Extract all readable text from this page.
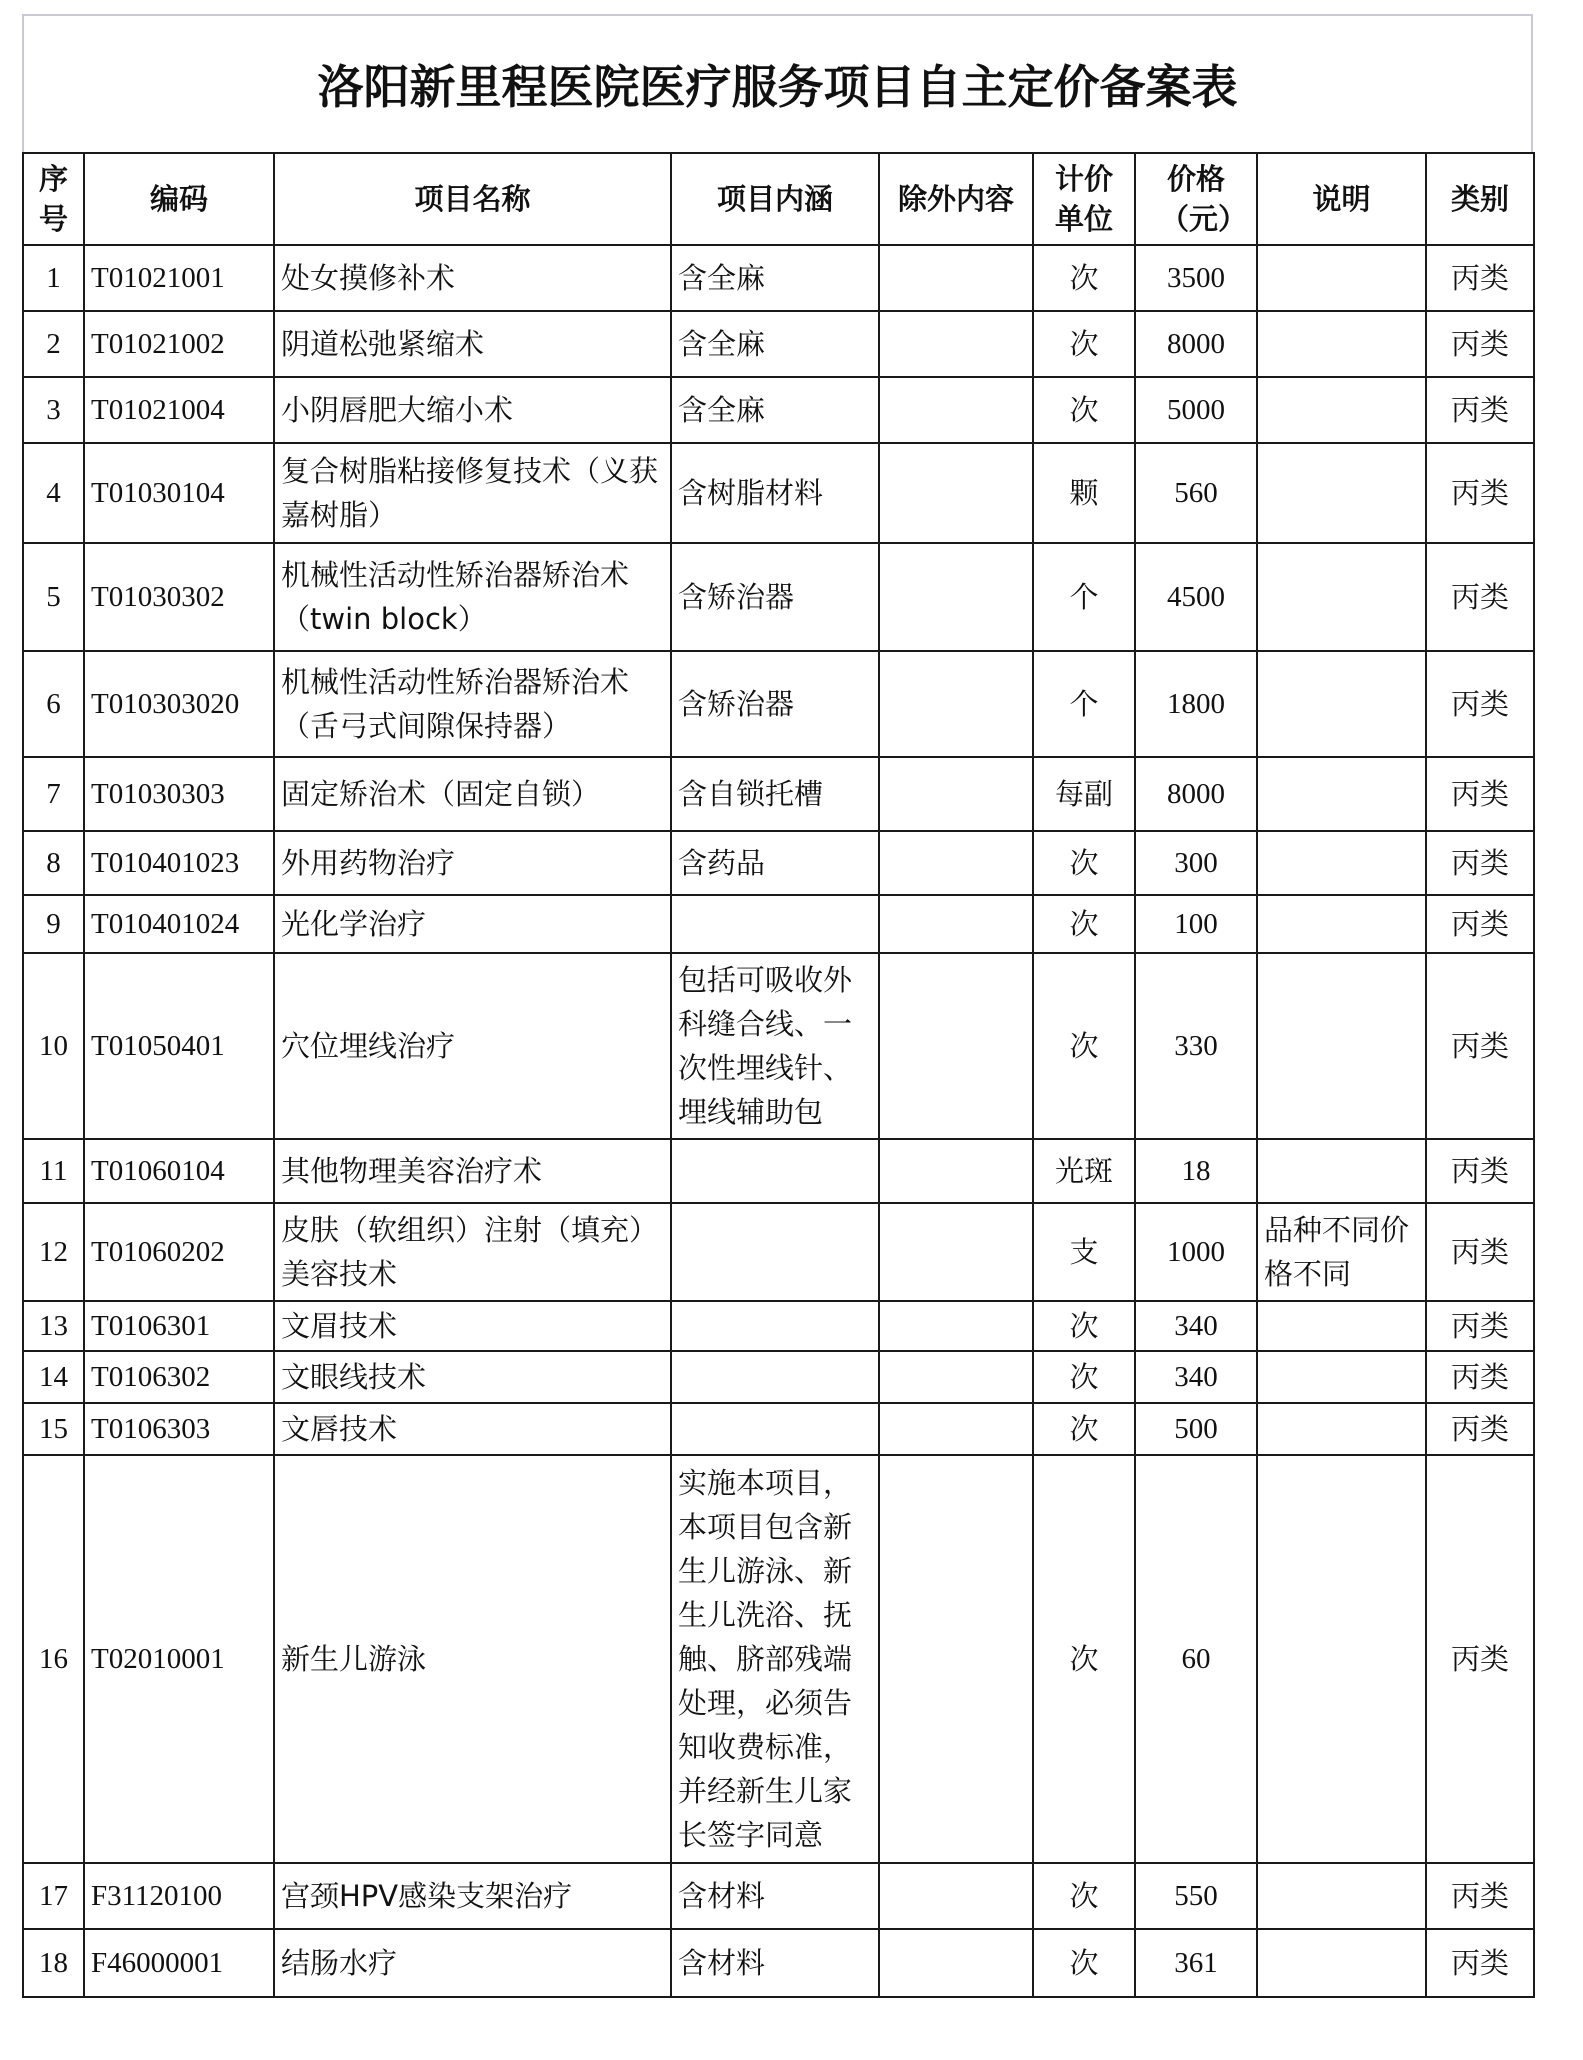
洛阳新里程医院医疗服务项目自主定价备案表
序号	编码	项目名称	项目内涵	除外内容	计价单位	价格（元）	说明	类别
1	T01021001	处女摸修补术	含全麻		次	3500		丙类
2	T01021002	阴道松弛紧缩术	含全麻		次	8000		丙类
3	T01021004	小阴唇肥大缩小术	含全麻		次	5000		丙类
4	T01030104	复合树脂粘接修复技术（义获嘉树脂）	含树脂材料		颗	560		丙类
5	T01030302	机械性活动性矫治器矫治术（twin block）	含矫治器		个	4500		丙类
6	T010303020	机械性活动性矫治器矫治术（舌弓式间隙保持器）	含矫治器		个	1800		丙类
7	T01030303	固定矫治术（固定自锁）	含自锁托槽		每副	8000		丙类
8	T010401023	外用药物治疗	含药品		次	300		丙类
9	T010401024	光化学治疗			次	100		丙类
10	T01050401	穴位埋线治疗	包括可吸收外科缝合线、一次性埋线针、埋线辅助包		次	330		丙类
11	T01060104	其他物理美容治疗术			光斑	18		丙类
12	T01060202	皮肤（软组织）注射（填充）美容技术			支	1000	品种不同价格不同	丙类
13	T0106301	文眉技术			次	340		丙类
14	T0106302	文眼线技术			次	340		丙类
15	T0106303	文唇技术			次	500		丙类
16	T02010001	新生儿游泳	实施本项目，本项目包含新生儿游泳、新生儿洗浴、抚触、脐部残端处理，必须告知收费标准，并经新生儿家长签字同意		次	60		丙类
17	F31120100	宫颈HPV感染支架治疗	含材料		次	550		丙类
18	F46000001	结肠水疗	含材料		次	361		丙类
